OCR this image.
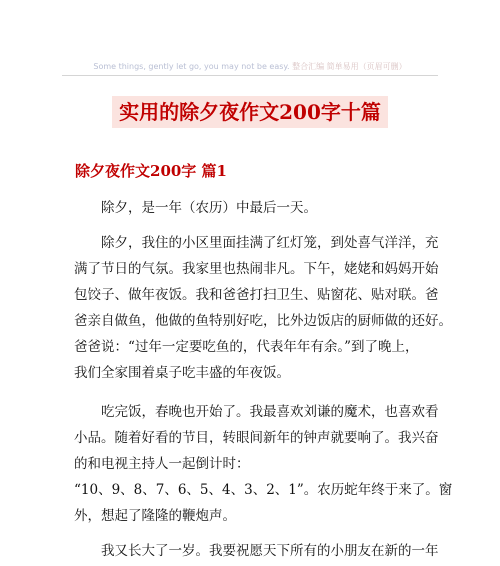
Some things, gently let go, you may not be easy. 整合汇编 简单易用（页眉可删）
实用的除夕夜作文200字十篇
除夕夜作文200字 篇1
除夕，是一年（农历）中最后一天。
除夕，我住的小区里面挂满了红灯笼，到处喜气洋洋，充
满了节日的气氛。我家里也热闹非凡。下午，姥姥和妈妈开始
包饺子、做年夜饭。我和爸爸打扫卫生、贴窗花、贴对联。爸
爸亲自做鱼，他做的鱼特别好吃，比外边饭店的厨师做的还好。
爸爸说：“过年一定要吃鱼的，代表年年有余。”到了晚上，
我们全家围着桌子吃丰盛的年夜饭。
吃完饭，春晚也开始了。我最喜欢刘谦的魔术，也喜欢看
小品。随着好看的节目，转眼间新年的钟声就要响了。我兴奋
的和电视主持人一起倒计时：
“10、9、8、7、6、5、4、3、2、1”。农历蛇年终于来了。窗
外，想起了隆隆的鞭炮声。
我又长大了一岁。我要祝愿天下所有的小朋友在新的一年
